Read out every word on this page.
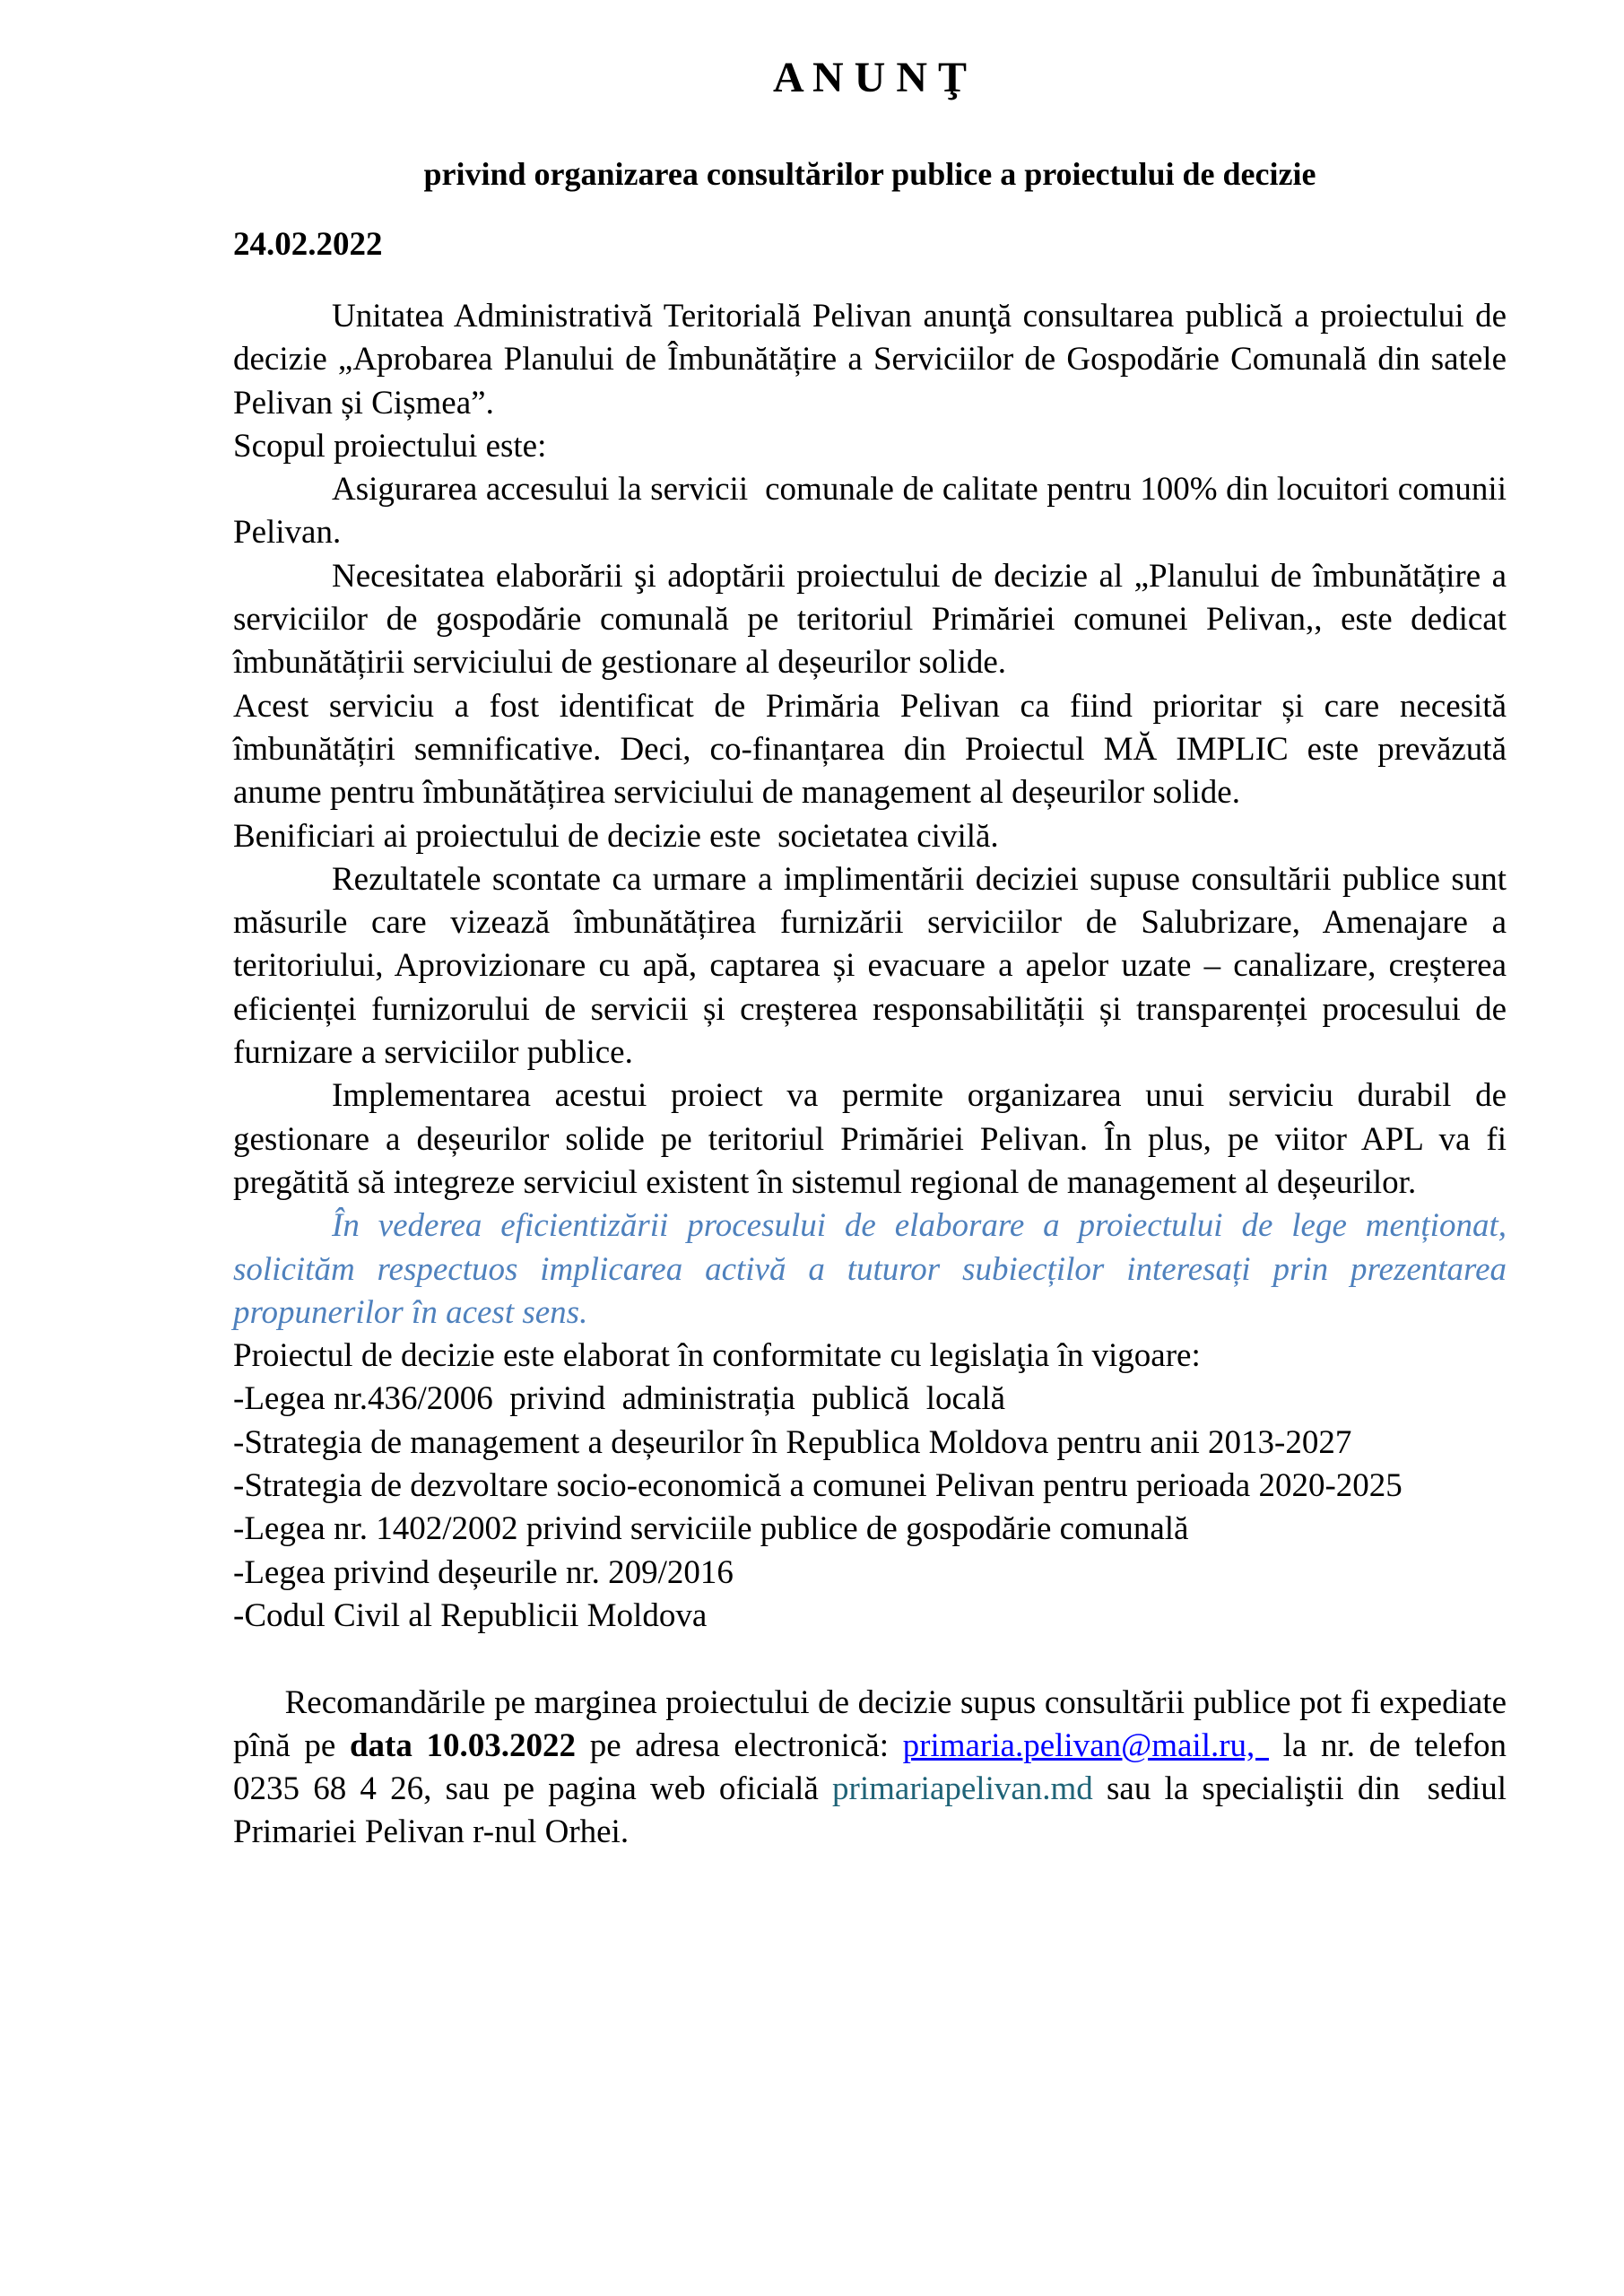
A N U N Ţ

privind organizarea consultărilor publice a proiectului de decizie

24.02.2022

Unitatea Administrativă Teritorială Pelivan anunţă consultarea publică a proiectului de decizie „Aprobarea Planului de Îmbunătățire a Serviciilor de Gospodărie Comunală din satele Pelivan și Cișmea”.

Scopul proiectului este:

Asigurarea accesului la servicii  comunale de calitate pentru 100% din locuitori comunii Pelivan.

Necesitatea elaborării şi adoptării proiectului de decizie al „Planului de îmbunătățire a serviciilor de gospodărie comunală pe teritoriul Primăriei comunei Pelivan,, este dedicat îmbunătățirii serviciului de gestionare al deșeurilor solide.

Acest serviciu a fost identificat de Primăria Pelivan ca fiind prioritar și care necesită îmbunătățiri semnificative. Deci, co-finanțarea din Proiectul MĂ IMPLIC este prevăzută anume pentru îmbunătățirea serviciului de management al deșeurilor solide.

Benificiari ai proiectului de decizie este  societatea civilă.

Rezultatele scontate ca urmare a implimentării deciziei supuse consultării publice sunt măsurile care vizează îmbunătățirea furnizării serviciilor de Salubrizare, Amenajare a teritoriului, Aprovizionare cu apă, captarea și evacuare a apelor uzate – canalizare, creșterea eficienței furnizorului de servicii și creșterea responsabilității și transparenței procesului de furnizare a serviciilor publice.

Implementarea acestui proiect va permite organizarea unui serviciu durabil de gestionare a deșeurilor solide pe teritoriul Primăriei Pelivan. În plus, pe viitor APL va fi pregătită să integreze serviciul existent în sistemul regional de management al deșeurilor.

În vederea eficientizării procesului de elaborare a proiectului de lege menționat, solicităm respectuos implicarea activă a tuturor subiecților interesați prin prezentarea propunerilor în acest sens.

Proiectul de decizie este elaborat în conformitate cu legislaţia în vigoare:

-Legea nr.436/2006  privind  administrația  publică  locală

-Strategia de management a deșeurilor în Republica Moldova pentru anii 2013-2027

-Strategia de dezvoltare socio-economică a comunei Pelivan pentru perioada 2020-2025

-Legea nr. 1402/2002 privind serviciile publice de gospodărie comunală

-Legea privind deșeurile nr. 209/2016

-Codul Civil al Republicii Moldova

Recomandările pe marginea proiectului de decizie supus consultării publice pot fi expediate pînă pe data 10.03.2022 pe adresa electronică: primaria.pelivan@mail.ru,  la nr. de telefon 0235 68 4 26, sau pe pagina web oficială primariapelivan.md sau la specialiştii din  sediul Primariei Pelivan r-nul Orhei.
